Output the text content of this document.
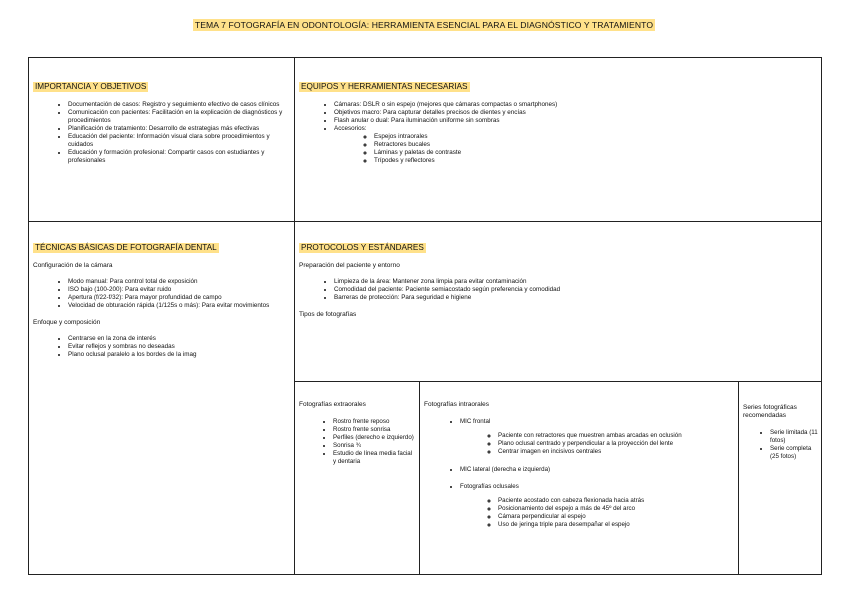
TEMA 7 FOTOGRAFÍA EN ODONTOLOGÍA: HERRAMIENTA ESENCIAL PARA EL DIAGNÓSTICO Y TRATAMIENTO
IMPORTANCIA Y OBJETIVOS
• Documentación de casos: Registro y seguimiento efectivo de casos clínicos
• Comunicación con pacientes: Facilitación en la explicación de diagnósticos y procedimientos
• Planificación de tratamiento: Desarrollo de estrategias más efectivas
• Educación del paciente: Información visual clara sobre procedimientos y cuidados
• Educación y formación profesional: Compartir casos con estudiantes y profesionales
EQUIPOS Y HERRAMIENTAS NECESARIAS
• Cámaras: DSLR o sin espejo (mejores que cámaras compactas o smartphones)
• Objetivos macro: Para capturar detalles precisos de dientes y encías
• Flash anular o dual: Para iluminación uniforme sin sombras
• Accesorios:
◦ Espejos intraorales
◦ Retractores bucales
◦ Láminas y paletas de contraste
◦ Trípodes y reflectores
TÉCNICAS BÁSICAS DE FOTOGRAFÍA DENTAL
Configuración de la cámara
• Modo manual: Para control total de exposición
• ISO bajo (100-200): Para evitar ruido
• Apertura (f/22-f/32): Para mayor profundidad de campo
• Velocidad de obturación rápida (1/125s o más): Para evitar movimientos
Enfoque y composición
• Centrarse en la zona de interés
• Evitar reflejos y sombras no deseadas
• Plano oclusal paralelo a los bordes de la imag
PROTOCOLOS Y ESTÁNDARES
Preparación del paciente y entorno
• Limpieza de la área: Mantener zona limpia para evitar contaminación
• Comodidad del paciente: Paciente semiacostado según preferencia y comodidad
• Barreras de protección: Para seguridad e higiene
Tipos de fotografías
Fotografías extraorales
• Rostro frente reposo
• Rostro frente sonrisa
• Perfiles (derecho e izquierdo)
• Sonrisa ¾
• Estudio de línea media facial y dentaria
Fotografías intraorales
• MIC frontal
◦ Paciente con retractores que muestren ambas arcadas en oclusión
◦ Plano oclusal centrado y perpendicular a la proyección del lente
◦ Centrar imagen en incisivos centrales
• MIC lateral (derecha e izquierda)
• Fotografías oclusales
◦ Paciente acostado con cabeza flexionada hacia atrás
◦ Posicionamiento del espejo a más de 45º del arco
◦ Cámara perpendicular al espejo
◦ Uso de jeringa triple para desempañar el espejo
Series fotográficas recomendadas
• Serie limitada (11 fotos)
• Serie completa (25 fotos)
